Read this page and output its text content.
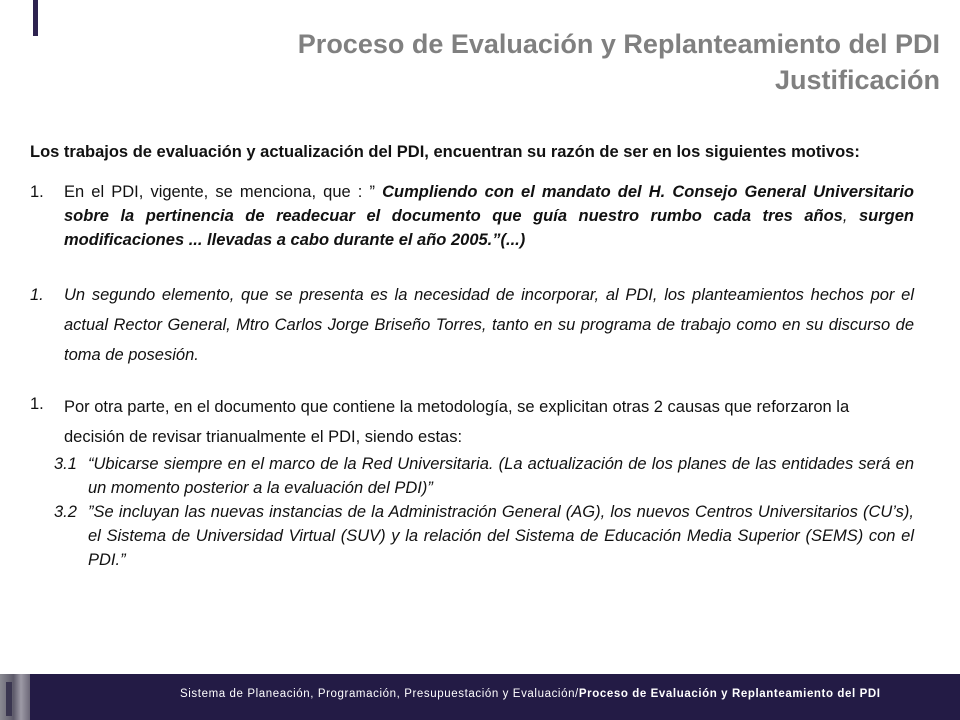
Proceso de Evaluación y Replanteamiento del PDI
Justificación

Los trabajos de evaluación y actualización del PDI, encuentran su razón de ser en los siguientes motivos:

1.	En el PDI, vigente, se menciona, que : ” Cumpliendo con el mandato del H. Consejo General Universitario sobre la pertinencia de readecuar el documento que guía nuestro rumbo cada tres años, surgen modificaciones ... llevadas a cabo durante el año 2005.”(...)
1.	Un segundo elemento, que se presenta es la necesidad de incorporar, al PDI, los planteamientos hechos por el actual Rector General, Mtro Carlos Jorge Briseño Torres, tanto en su programa de trabajo como en su discurso de toma de posesión.
1.	Por otra parte, en el documento que contiene la metodología, se explicitan otras 2 causas que reforzaron la decisión de revisar trianualmente el PDI, siendo estas:
3.1 “Ubicarse siempre en el marco de la Red Universitaria. (La actualización de los planes de las entidades será en un momento posterior a la evaluación del PDI)”
3.2 ”Se incluyan las nuevas instancias de la Administración General (AG), los nuevos Centros Universitarios (CU’s), el Sistema de Universidad Virtual (SUV) y la relación del Sistema de Educación Media Superior (SEMS) con el PDI.”
Sistema de Planeación, Programación, Presupuestación y Evaluación/Proceso de Evaluación y Replanteamiento del PDI
